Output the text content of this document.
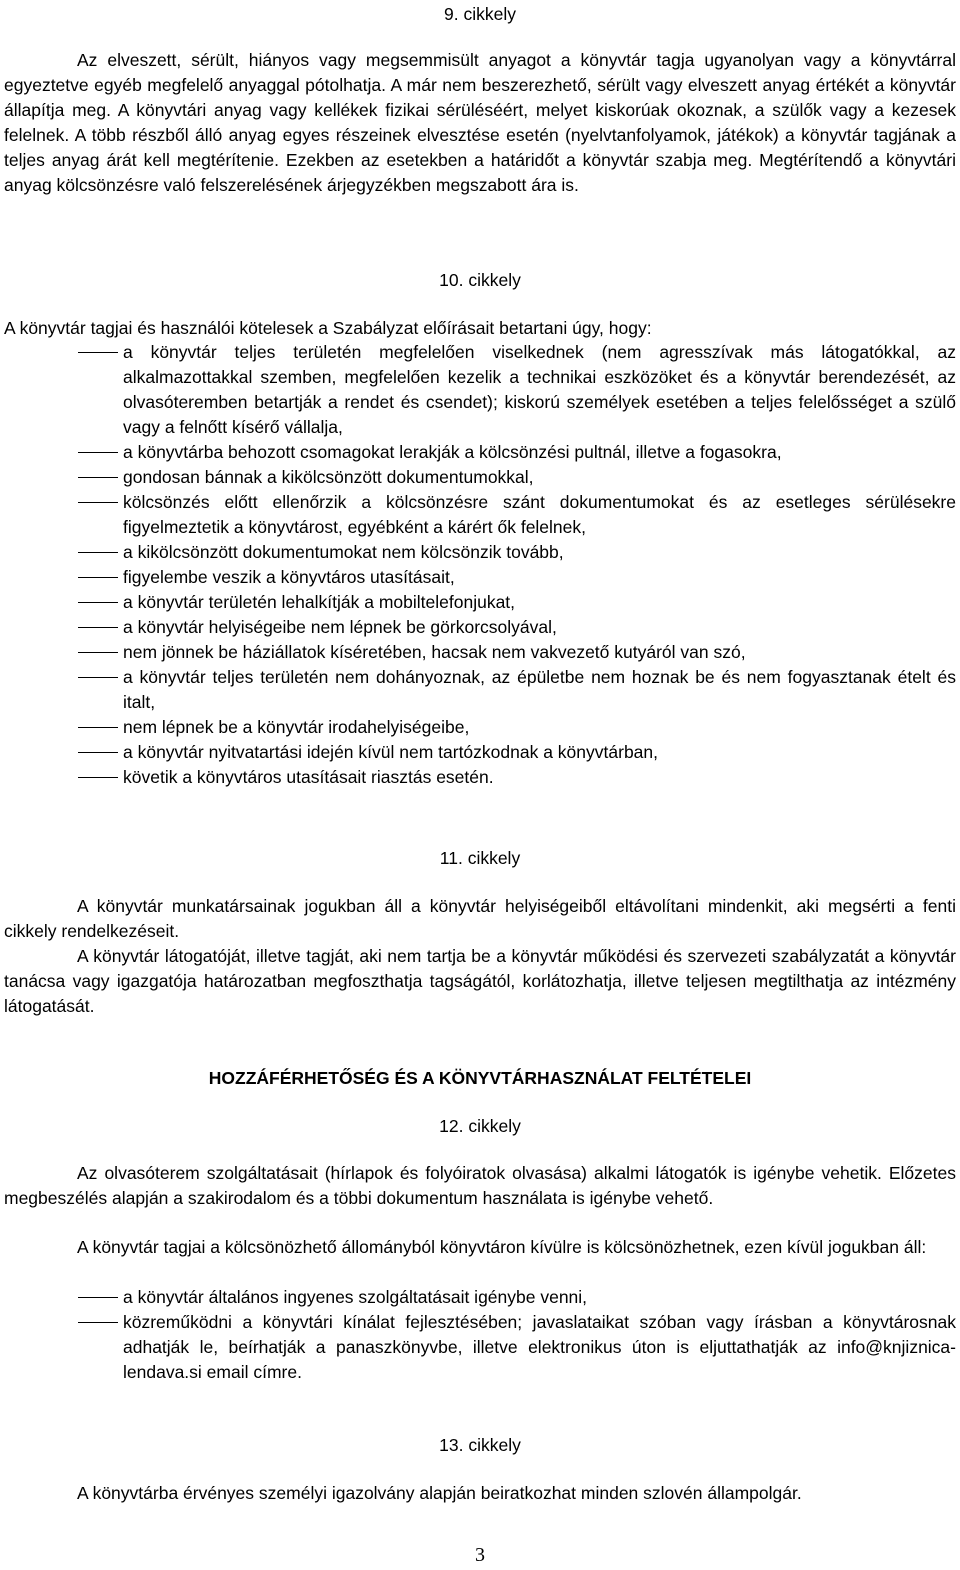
9. cikkely
Az elveszett, sérült, hiányos vagy megsemmisült anyagot a könyvtár tagja ugyanolyan vagy a könyvtárral egyeztetve egyéb megfelelő anyaggal pótolhatja. A már nem beszerezhető, sérült vagy elveszett anyag értékét a könyvtár állapítja meg. A könyvtári anyag vagy kellékek fizikai sérüléséért, melyet kiskorúak okoznak, a szülők vagy a kezesek felelnek. A több részből álló anyag egyes részeinek elvesztése esetén (nyelvtanfolyamok, játékok) a könyvtár tagjának a teljes anyag árát kell megtérítenie. Ezekben az esetekben a határidőt a könyvtár szabja meg. Megtérítendő a könyvtári anyag kölcsönzésre való felszerelésének árjegyzékben megszabott ára is.
10. cikkely
A könyvtár tagjai és használói kötelesek a Szabályzat előírásait betartani úgy, hogy:
a könyvtár teljes területén megfelelően viselkednek (nem agresszívak más látogatókkal, az alkalmazottakkal szemben, megfelelően kezelik a technikai eszközöket és a könyvtár berendezését, az olvasóteremben betartják a rendet és csendet); kiskorú személyek esetében a teljes felelősséget a szülő vagy a felnőtt kísérő vállalja,
a könyvtárba behozott csomagokat lerakják a kölcsönzési pultnál, illetve a fogasokra,
gondosan bánnak a kikölcsönzött dokumentumokkal,
kölcsönzés előtt ellenőrzik a kölcsönzésre szánt dokumentumokat és az esetleges sérülésekre figyelmeztetik a könyvtárost, egyébként a kárért ők felelnek,
a kikölcsönzött dokumentumokat nem kölcsönzik tovább,
figyelembe veszik a könyvtáros utasításait,
a könyvtár területén lehalkítják a mobiltelefonjukat,
a könyvtár helyiségeibe nem lépnek be görkorcsolyával,
nem jönnek be háziállatok kíséretében, hacsak nem vakvezető kutyáról van szó,
a könyvtár teljes területén nem dohányoznak, az épületbe nem hoznak be és nem fogyasztanak ételt és italt,
nem lépnek be a könyvtár irodahelyiségeibe,
a könyvtár nyitvatartási idején kívül nem tartózkodnak a könyvtárban,
követik a könyvtáros utasításait riasztás esetén.
11. cikkely
A könyvtár munkatársainak jogukban áll a könyvtár helyiségeiből eltávolítani mindenkit, aki megsérti a fenti cikkely rendelkezéseit.
A könyvtár látogatóját, illetve tagját, aki nem tartja be a könyvtár működési és szervezeti szabályzatát a könyvtár tanácsa vagy igazgatója határozatban megfoszthatja tagságától, korlátozhatja, illetve teljesen megtilthatja az intézmény látogatását.
HOZZÁFÉRHETŐSÉG ÉS A KÖNYVTÁRHASZNÁLAT FELTÉTELEI
12. cikkely
Az olvasóterem szolgáltatásait (hírlapok és folyóiratok olvasása) alkalmi látogatók is igénybe vehetik. Előzetes megbeszélés alapján a szakirodalom és a többi dokumentum használata is igénybe vehető.
A könyvtár tagjai a kölcsönözhető állományból könyvtáron kívülre is kölcsönözhetnek, ezen kívül jogukban áll:
a könyvtár általános ingyenes szolgáltatásait igénybe venni,
közreműködni a könyvtári kínálat fejlesztésében; javaslataikat szóban vagy írásban a könyvtárosnak adhatják le, beírhatják a panaszkönyvbe, illetve elektronikus úton is eljuttathatják az info@knjiznica-lendava.si email címre.
13. cikkely
A könyvtárba érvényes személyi igazolvány alapján beiratkozhat minden szlovén állampolgár.
3
